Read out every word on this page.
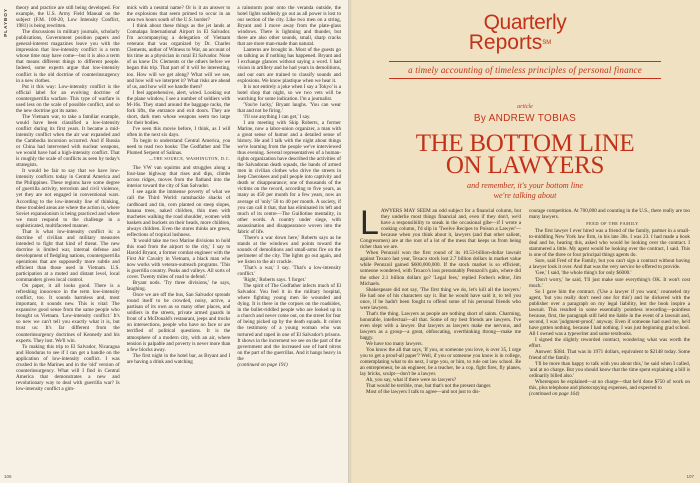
PLAYBOY	theory and practice are still being developed. For example, the U.S. Army Field Manual on the subject (F.M. 100-20, Low Intensity Conflict, 1981) is being rewritten.

The discussions in military journals, scholarly publications, Government position papers and general-interest magazines leave you with the impression that low-intensity conflict is a term whose time may have come—but it is also a term that means different things to different people. Indeed, some experts argue that low-intensity conflict is the old doctrine of counterinsurgency in a new clothes.

Put it this way: Low-intensity conflict is the official label for an evolving doctrine of counterguerrilla warfare. This type of warfare is used less on the scale of possible conflict, and so the new doctrine got its name.

The Vietnam war, to take a familiar example, would have been classified a low-intensity conflict during its first years. It became a mid-intensity conflict when the air war expanded and the Cambodia incursion occurred. And if Russia or China had intervened with nuclear weapons, we would have had a high-intensity conflict. That is roughly the scale of conflicts as seen by today's strategists.

It would be fair to say that we have low-intensity conflicts today in Central America and the Philippines. These regions have some degree of guerrilla activity, terrorism and civil violence, yet they are not engaged in conventional wars. According to the low-intensity line of thinking, these troubled areas are where the action is, where Soviet expansionism is being practiced and where we must respond to the challenge in a sophisticated, multifaceted manner.

That is what low-intensity conflict is: a doctrine of civilian and military measures intended to fight that kind of threat. The new doctrine is limited war, internal defense and development of fledgling nations, counterguerrilla operations that are supposedly more subtle and efficient than those used in Vietnam. U.S. participation at a muted and distant level, local commanders given local control.

On paper, it all looks good. There is a refreshing innocence in the term low-intensity conflict, too. It sounds harmless and, most important, it sounds new. This is vital: The expansive good sense from the same people who brought us Vietnam. 'Low-intensity conflict.' It's so new we can't tell you exactly what it is, but trust us: It's far different from the counterinsurgency doctrines of Kennedy and his experts. They lost. We'll win.

To making this trip to El Salvador, Nicaragua and Honduras to see if I can get a handle on the application of low-intensity conflict. I was crushed in the Marines and in the 'old' version of counterinsurgency. What will I find in Central America that demonstrates a new and revolutionary way to deal with guerrilla war? Is low-intensity conflict a gim-

mick with a neutral name? Or is it an answer to the explosions that seem primed to occur in an area two hours south of the U.S. border?

I think about these things as the jet lands at Comalapa International Airport in El Salvador. I'm accompanying a delegation of Vietnam veterans that was organized by Dr. Charles Clements, author of Witness to War, an account of his time as a physician in rural El Salvador. None of us knew Dr. Clements or the others before we began this trip. That part of it will be interesting, too. How will we get along? What will we see, and how will we interpret it? What risks are ahead of us, and how will we handle them?

I feel apprehensive, alert, wired. Looking out the plane window, I see a number of soldiers with M-16s. They stand around the baggage racks, the fork lifts, the entrance and exit doors. They are short, dark men whose weapons seem too large for their bodies.

I've seen this movie before, I think, as I will often in the next six days.

To begin to understand Central America, you need to read two books: The Godfather and The Plumed Serpent of Salinas.

—THE SOURCE, WASHINGTON, D.C.

The VW van squirms and struggles along a four-lane highway that rises and dips, climbs across ridges, moves from the flatland into the interior toward the city of San Salvador.

I see again the immense poverty of what we call the Third World: ramshackle shacks of cardboard and tin, corn planted on steep slopes, banana trees, naked children, thin men with machetes walking the road shoulder, women with baskets and buckets on their heads, more children, always children. Even the stores thinks are green, reflections of tropical lushness.

'It would take me two Marine divisions to hold this road from the airport to the city,' I say to Harold Bryant, a former combat engineer with the First Air Cavalry in Vietnam, a black man who now works with veteran-outreach programs. 'This is guerrilla country. Peaks and valleys. All sorts of cover. Twenty miles of road to defend.'

Bryant nods. 'Try three divisions,' he says, laughing.

Once we are off the bus, San Salvador spreads round itself to be crowded, noisy, active, a partisan of its own as so many other places, and soldiers in the streets, private armed guards in front of a McDonald's restaurant, jeeps and trucks on intersections, people who have no face or are terrified of political questions. It is the atmosphere of a modern city, with an air, where tension is palpable and poverty is never more than a few blocks away.

The first night in the hotel bar, as Bryant and I are having a drink and watching

a rainstorm pour onto the veranda outside, the hotel lights suddenly go out as all power is lost to our section of the city. Like two men on a string, Bryant and I move away from the plate-glass windows. There is lightning and thunder, but there are also other sounds, small, sharp cracks that are more man-made than natural.

Lanterns are brought in. Most of the guests go on talking as if nothing has happened. Bryant and I exchange glances without saying a word. I had vision in artillery and he had years in demolitions, and our ears are trained to classify sounds and explosions. We know plastique when we hear it.

It is not entirely a joke when I say a Tokyo' is a hotel shop that night, so we two vets will be watching for some indication. I'm a journalist.

'You're lucky,' Bryant laughs. 'You can wear that and not be firing.'

'I'll use anything I can get,' I say.

I am meeting with Skip Roberts, a former Marine, now a labor-union organizer, a man with a great sense of humor and a detailed sense of history. He and I talk with the night about things we're learning from the people we've interviewed thus evening. Several representatives of a human-rights organization have described the activities of the Salvadoran death squads, the bands of armed men in civilian clothes who drive the streets in Jeep Cherokees and pull people into captivity and death or disappearance; one of thousands of the victims on the record, according to five years, as many as 450 per month for a few years, now an average of 'only' 50 to 40 per month. A society, if you can call it that, that has eliminated its left and much of its centre—The Guillotine mentality, in other words. A country under siege, with assassination and disappearance woven into the fabric of life.

'There's a war down here,' Roberts says as he stands at the windows and points toward the sounds of demolitions and small-arms fire on the perimeter of the city. The lights go out again, and we listen to the air crackle.

'That's a war,' I say. 'That's a low-intensity conflict.'

'Right,' Roberts says. 'I forget.'

The spirit of The Godfather infects much of El Salvador. You feel it in the military hospital, where fighting young men lie wounded and dying. It is there in the corpses on the roadsides, in the bullet-riddled people who are looked up in a church and never come out, on the street for fear of being picked up by the death squads. It colors the testimony of a young woman who was tortured and raped in one of El Salvador's prisons. It shows in the increment we see on the part of the government and the increased use of hard nitros on the part of the guerrillas. And it hangs heavy in the

(continued on page 191)

106
Quarterly
Reports℠
a timely accounting of timeless principles of personal finance
article
By ANDREW TOBIAS
THE BOTTOM LINE
ON LAWYERS
and remember, it's your bottom line
we're talking about

LAWYERS MAY SEEM an odd subject for a financial column, but they underlie most things financial and, even if they don't, we'd have a responsibility to sneak in the occasional gibe—if I wrote a cooking column, I'd slip in 'Twelve Recipes to Poison a Lawyer'—because when you think about it, lawyers (and that other salient, Congressmen) are at the root of a lot of the mess that keeps us from being richer than we are.

When Pennzoil won the first round of its 10.53-billion-dollar lawsuit against Texaco last year, Texaco stock lost 2.7 billion dollars in market value while Pennzoil gained $600,000,000. If the stock market is so efficient, someone wondered, with Texaco's loss presumably Pennzoil's gain, where did the other 2.1 billion dollars go? 'Legal fees,' replied Forbes's editor, Jim Michaels.

Shakespeare did not say, 'The first thing we do, let's kill all the lawyers.' He had one of his characters say it. But he would have said it, to tell you once, if he hadn't been fought to offend some of his personal friends who were lawyers.

That's the thing. Lawyers as people are nothing short of saints. Charming, honorable, intellectual—all that. Some of my best friends are lawyers. I've even slept with a lawyer. But lawyers as lawyers make me nervous, and lawyers as a group—a great, obfuscating, overthinking throng—make me baggy.

We have too many lawyers.

You know the all that says, 'If you, or someone you love, is over 35, I urge you to get a proof-all paper'? Well, if you or someone you know is in college, contemplating what to do next, I urge you, or him, to rule out law school. Be an entrepreneur, be an engineer, be a teacher, be a cop, fight fires, fly planes, lay bricks, sculpt—don't be a lawyer.

Ah, you say, what if there were no lawyers?

That would be terrible, true, but that's not the present danger.

Most of the lawyers I talk to agree—and not just to dis-

courage competition. At 700,000 and counting in the U.S., there really are too many lawyers.

FEED OF THE FAMILY

The first lawyer I ever hired was a friend of the family, partner in a small-to-middling New York law firm, in his late 30s. I was 23. I had made a book deal and he, hearing this, asked who would be looking over the contract. I stammered a little. My agent would be looking over the contract, I said. This is one of the three or four principal things agents do.

Sure, said Fred of the Family, but you can't sign a contract without having a lawyer look it over. And that was the very service he offered to provide.

'Gee,' I said, 'the whole thing's for only $6000.'

'Don't worry,' he said, 'I'll just make sure everything's OK. It won't cost much.'

So I gave him the contract. ('Use a lawyer if you want,' counseled my agent, 'but you really don't need one for this') and he dickered with the publisher over a paragraph on my legal liability, lest the book inspire a lawsuit. This resulted in some essentially pointless rewording—pointless because, first, the paragraph still held me liable in the event of a lawsuit and, second, I was 'judgment-proof,' anyway. Even if someone had sued me, he'd have gotten nothing, because I had nothing. I was just beginning grad school. All I owned was a typewriter and some textbooks.

I signed the slightly reworded contract, wondering what was worth the effort.

Answer: $384. That was in 1971 dollars, equivalent to $2148 today. Some friend of the family.

'I'll be more than happy to talk with you about this,' he said when I called, 'and at no charge. But you should know that the time spent explaining a bill is ordinarily billed also.'

Whereupon he explained—at no charge—that he'd done $750 of work on this, plus telephone and photocopying expenses, and expected to

(continued on page 164)

107
